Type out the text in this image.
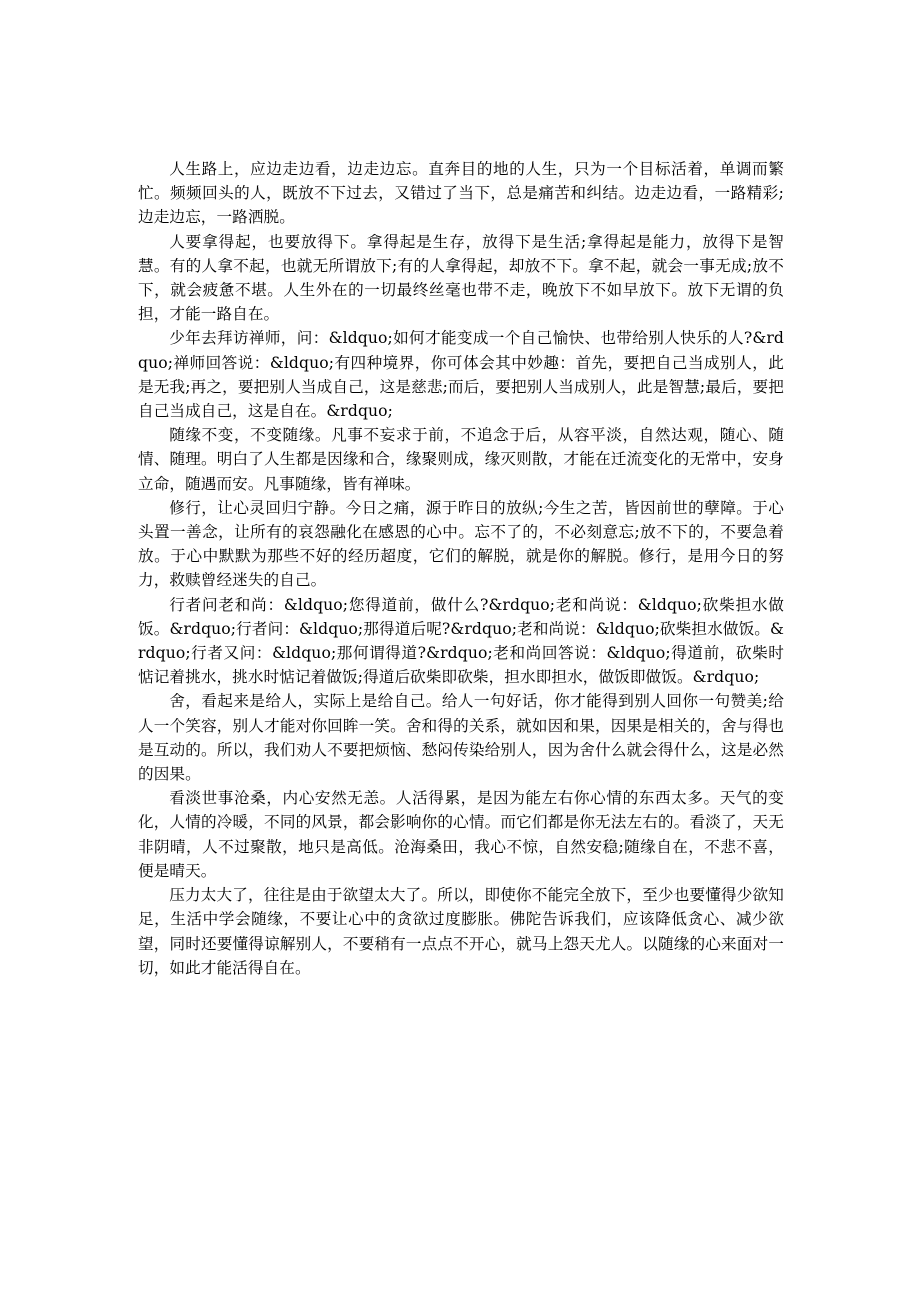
人生路上，应边走边看，边走边忘。直奔目的地的人生，只为一个目标活着，单调而繁忙。频频回头的人，既放不下过去，又错过了当下，总是痛苦和纠结。边走边看，一路精彩;边走边忘，一路洒脱。

人要拿得起，也要放得下。拿得起是生存，放得下是生活;拿得起是能力，放得下是智慧。有的人拿不起，也就无所谓放下;有的人拿得起，却放不下。拿不起，就会一事无成;放不下，就会疲惫不堪。人生外在的一切最终丝毫也带不走，晚放下不如早放下。放下无谓的负担，才能一路自在。

少年去拜访禅师，问：&ldquo;如何才能变成一个自己愉快、也带给别人快乐的人?&rdquo;禅师回答说：&ldquo;有四种境界，你可体会其中妙趣：首先，要把自己当成别人，此是无我;再之，要把别人当成自己，这是慈悲;而后，要把别人当成别人，此是智慧;最后，要把自己当成自己，这是自在。&rdquo;

随缘不变，不变随缘。凡事不妄求于前，不追念于后，从容平淡，自然达观，随心、随情、随理。明白了人生都是因缘和合，缘聚则成，缘灭则散，才能在迁流变化的无常中，安身立命，随遇而安。凡事随缘，皆有禅味。

修行，让心灵回归宁静。今日之痛，源于昨日的放纵;今生之苦，皆因前世的孽障。于心头置一善念，让所有的哀怨融化在感恩的心中。忘不了的，不必刻意忘;放不下的，不要急着放。于心中默默为那些不好的经历超度，它们的解脱，就是你的解脱。修行，是用今日的努力，救赎曾经迷失的自己。

行者问老和尚：&ldquo;您得道前，做什么?&rdquo;老和尚说：&ldquo;砍柴担水做饭。&rdquo;行者问：&ldquo;那得道后呢?&rdquo;老和尚说：&ldquo;砍柴担水做饭。&rdquo;行者又问：&ldquo;那何谓得道?&rdquo;老和尚回答说：&ldquo;得道前，砍柴时惦记着挑水，挑水时惦记着做饭;得道后砍柴即砍柴，担水即担水，做饭即做饭。&rdquo;

舍，看起来是给人，实际上是给自己。给人一句好话，你才能得到别人回你一句赞美;给人一个笑容，别人才能对你回眸一笑。舍和得的关系，就如因和果，因果是相关的，舍与得也是互动的。所以，我们劝人不要把烦恼、愁闷传染给别人，因为舍什么就会得什么，这是必然的因果。

看淡世事沧桑，内心安然无恙。人活得累，是因为能左右你心情的东西太多。天气的变化，人情的冷暖，不同的风景，都会影响你的心情。而它们都是你无法左右的。看淡了，天无非阴晴，人不过聚散，地只是高低。沧海桑田，我心不惊，自然安稳;随缘自在，不悲不喜，便是晴天。

压力太大了，往往是由于欲望太大了。所以，即使你不能完全放下，至少也要懂得少欲知足，生活中学会随缘，不要让心中的贪欲过度膨胀。佛陀告诉我们，应该降低贪心、减少欲望，同时还要懂得谅解别人，不要稍有一点点不开心，就马上怨天尤人。以随缘的心来面对一切，如此才能活得自在。
